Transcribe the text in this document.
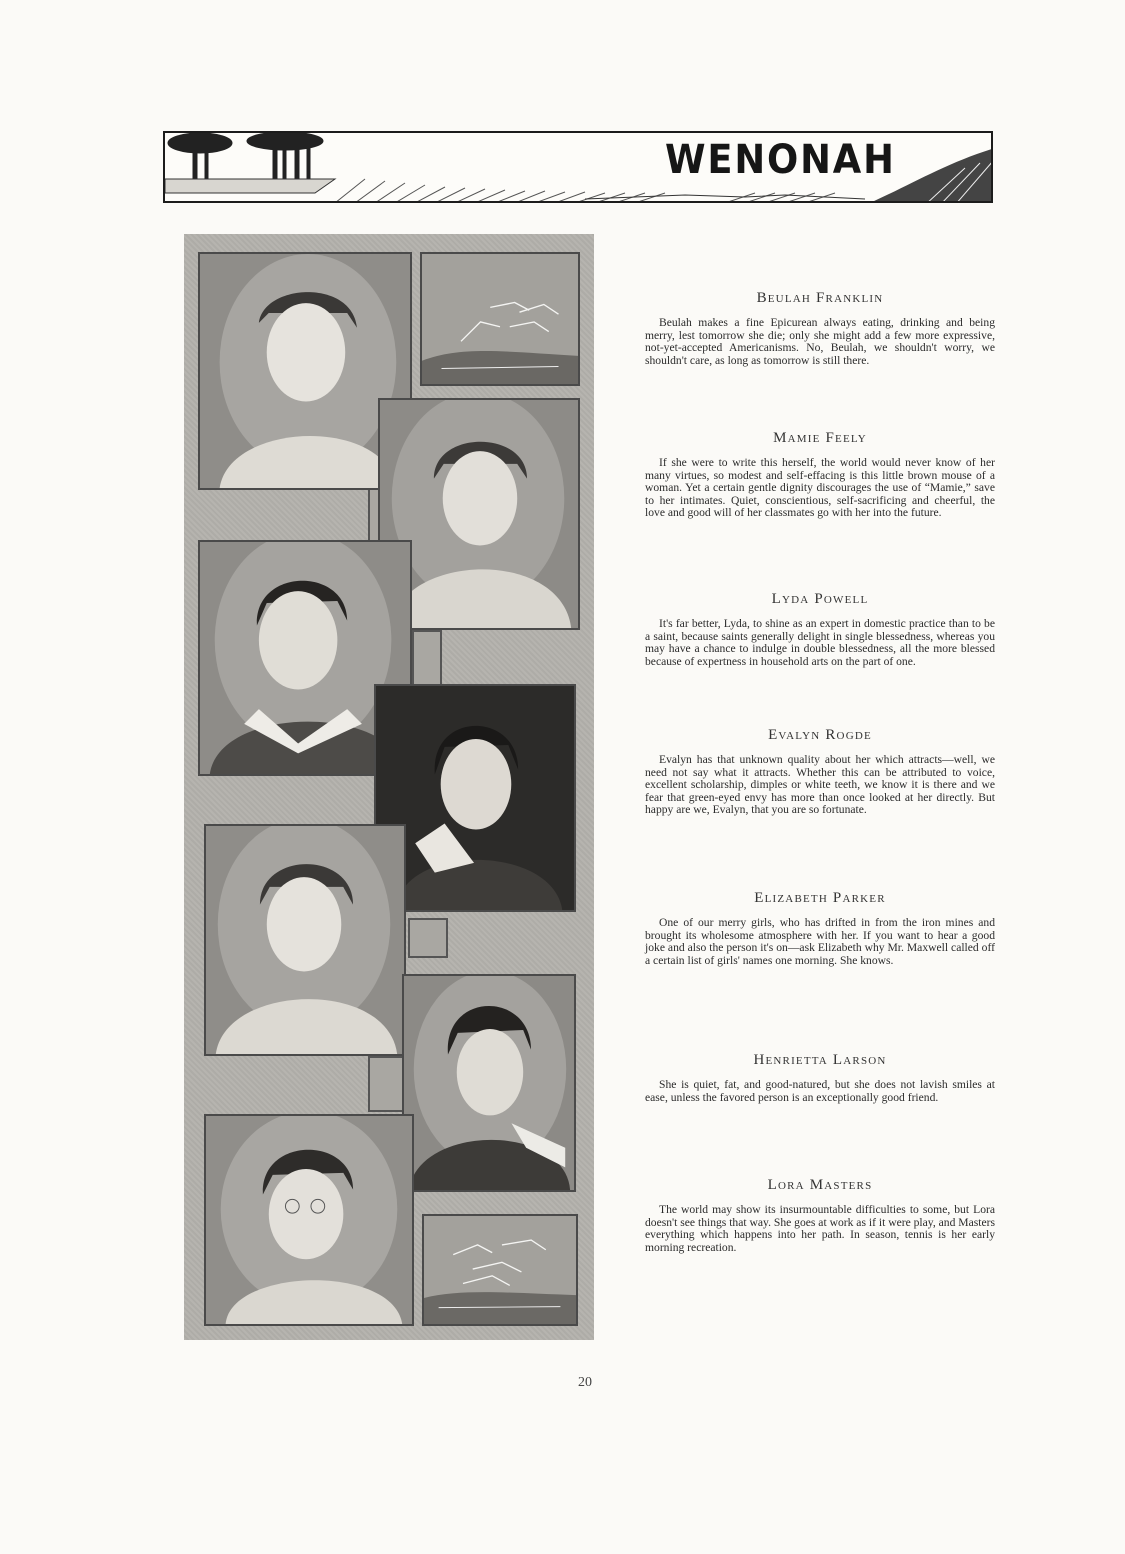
WENONAH

Beulah Franklin

Beulah makes a fine Epicurean always eating, drinking and being merry, lest tomorrow she die; only she might add a few more expressive, not-yet-accepted Americanisms. No, Beulah, we shouldn't worry, we shouldn't care, as long as tomorrow is still there.

Mamie Feely

If she were to write this herself, the world would never know of her many virtues, so modest and self-effacing is this little brown mouse of a woman. Yet a certain gentle dignity discourages the use of “Mamie,” save to her intimates. Quiet, conscientious, self-sacrificing and cheerful, the love and good will of her classmates go with her into the future.

Lyda Powell

It's far better, Lyda, to shine as an expert in domestic practice than to be a saint, because saints generally delight in single blessedness, whereas you may have a chance to indulge in double blessedness, all the more blessed because of expertness in household arts on the part of one.

Evalyn Rogde

Evalyn has that unknown quality about her which attracts—well, we need not say what it attracts. Whether this can be attributed to voice, excellent scholarship, dimples or white teeth, we know it is there and we fear that green-eyed envy has more than once looked at her directly. But happy are we, Evalyn, that you are so fortunate.

Elizabeth Parker

One of our merry girls, who has drifted in from the iron mines and brought its wholesome atmosphere with her. If you want to hear a good joke and also the person it's on—ask Elizabeth why Mr. Maxwell called off a certain list of girls' names one morning. She knows.

Henrietta Larson

She is quiet, fat, and good-natured, but she does not lavish smiles at ease, unless the favored person is an exceptionally good friend.

Lora Masters

The world may show its insurmountable difficulties to some, but Lora doesn't see things that way. She goes at work as if it were play, and Masters everything which happens into her path. In season, tennis is her early morning recreation.

20
